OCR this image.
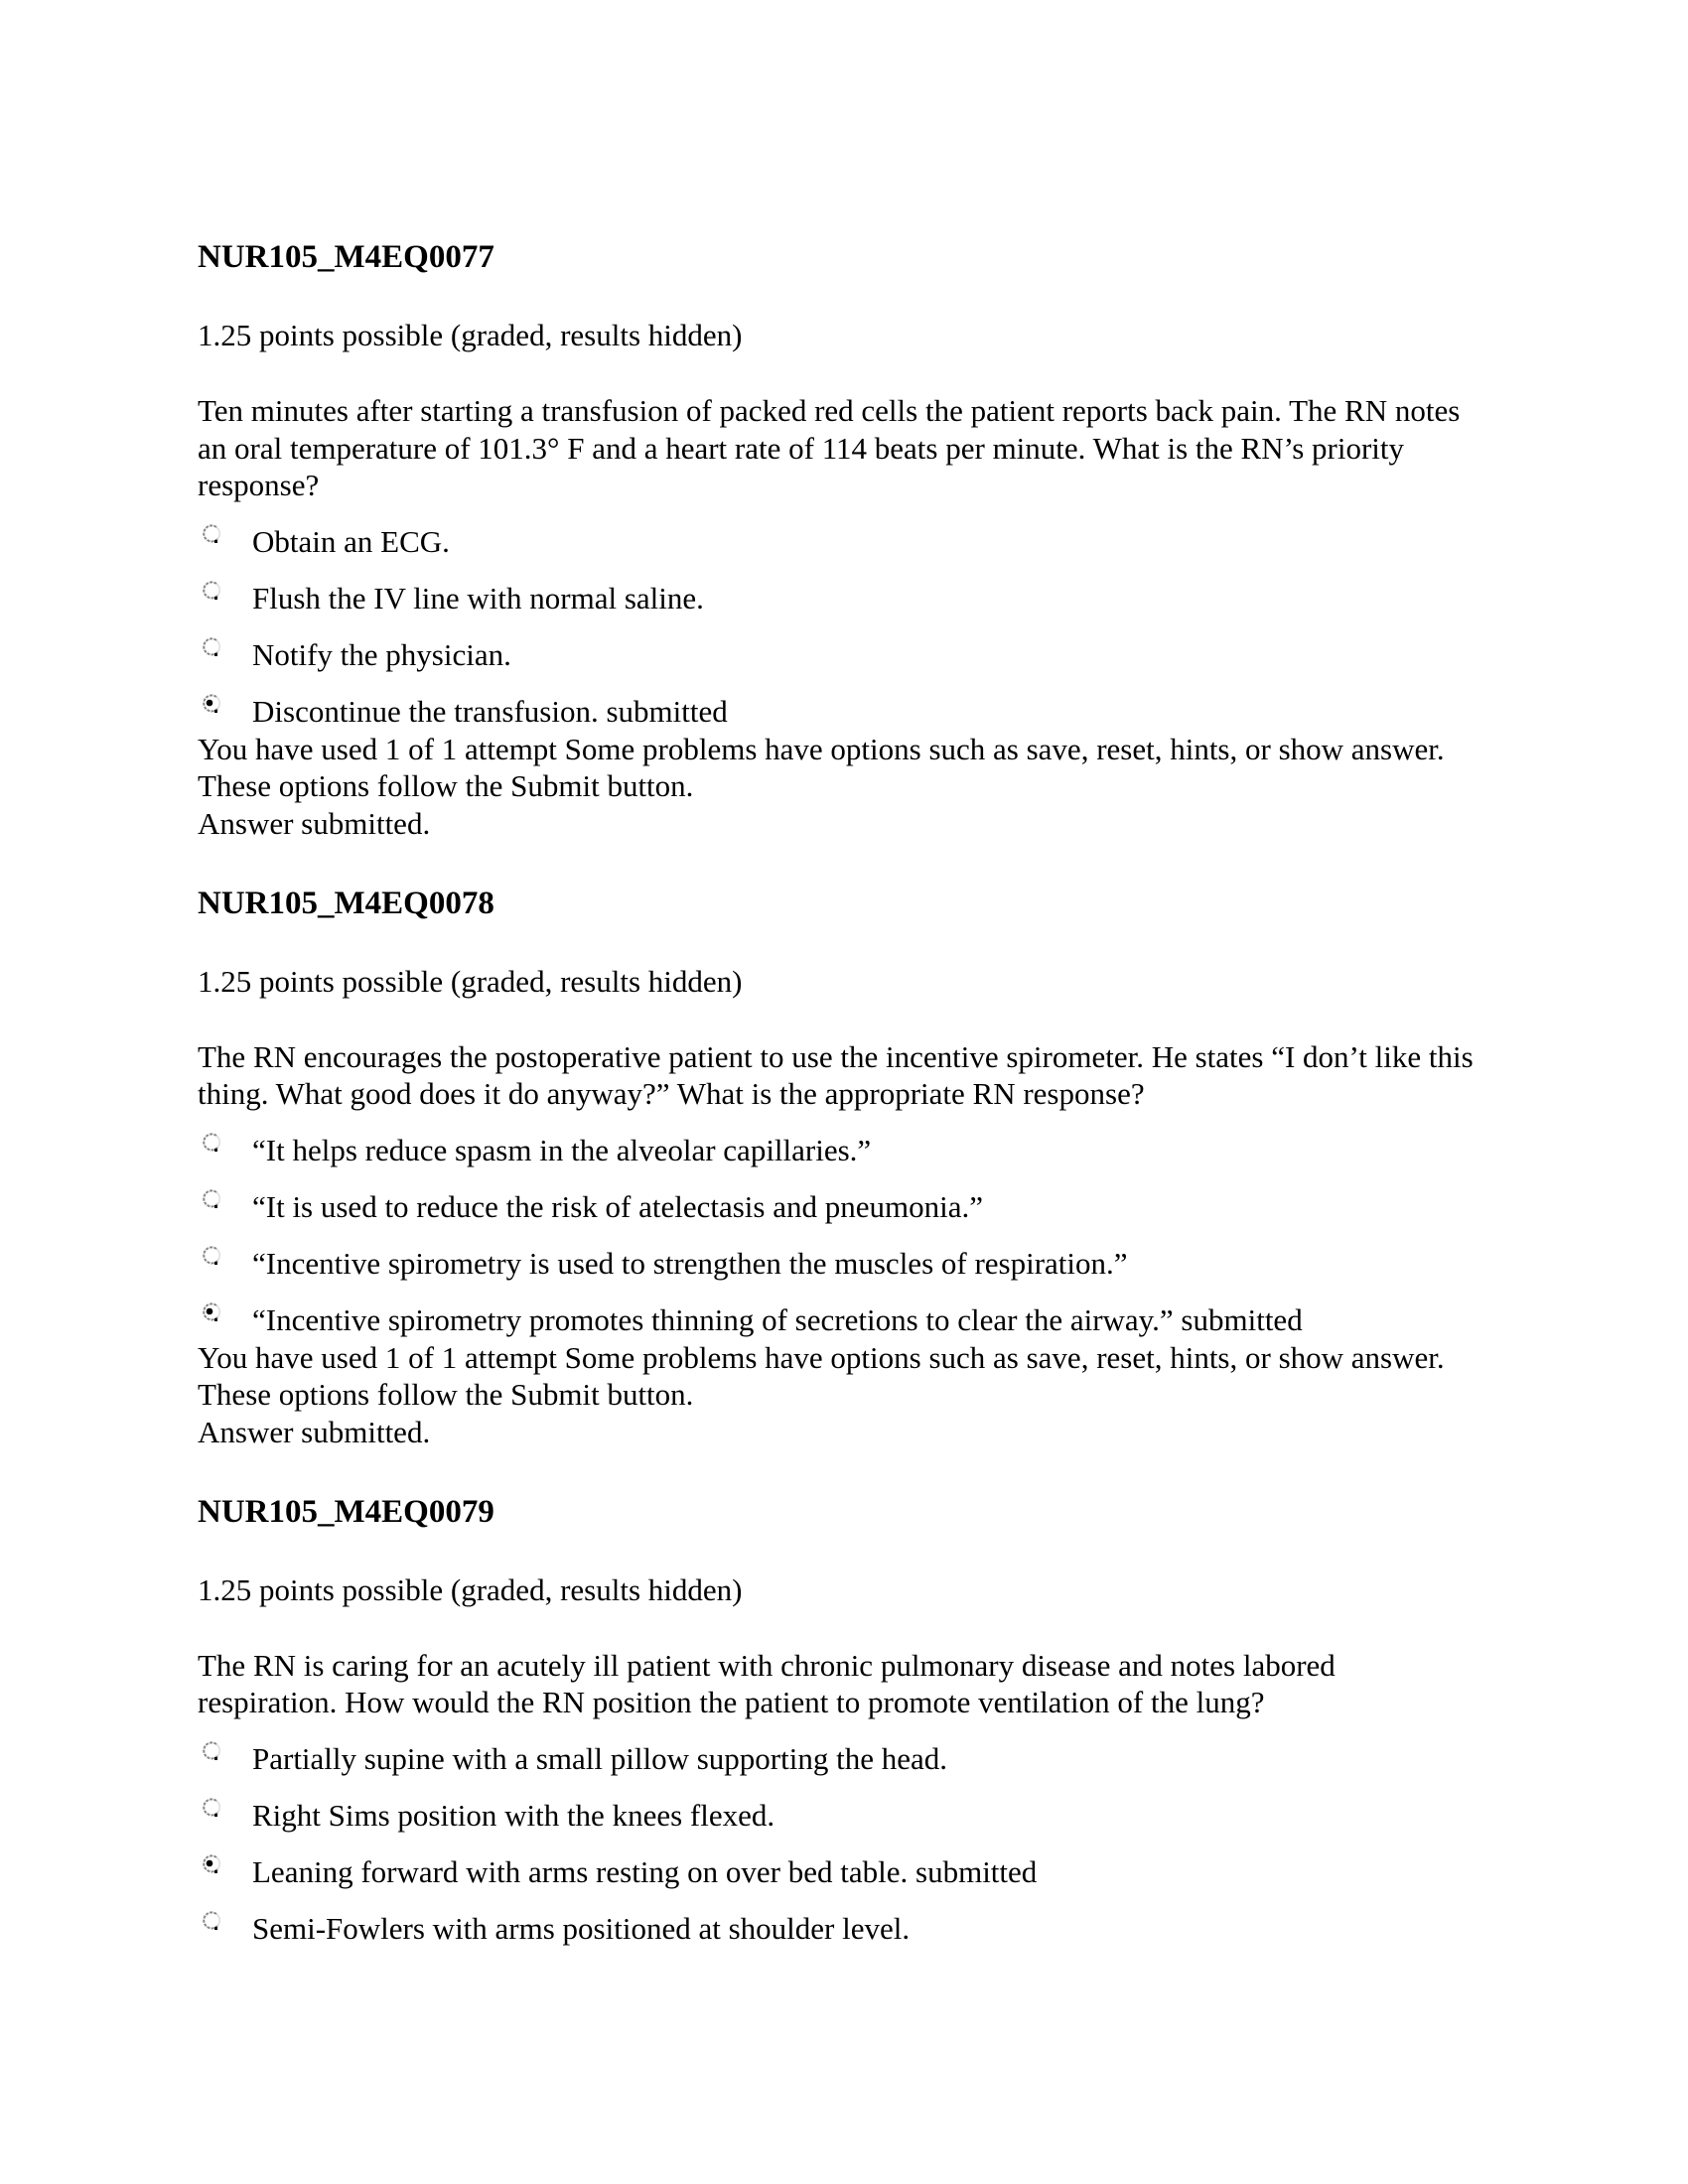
NUR105_M4EQ0077
1.25 points possible (graded, results hidden)
Ten minutes after starting a transfusion of packed red cells the patient reports back pain. The RN notes an oral temperature of 101.3° F and a heart rate of 114 beats per minute. What is the RN’s priority response?
Obtain an ECG.
Flush the IV line with normal saline.
Notify the physician.
Discontinue the transfusion. submitted
You have used 1 of 1 attempt Some problems have options such as save, reset, hints, or show answer. These options follow the Submit button.
Answer submitted.
NUR105_M4EQ0078
1.25 points possible (graded, results hidden)
The RN encourages the postoperative patient to use the incentive spirometer. He states “I don’t like this thing. What good does it do anyway?” What is the appropriate RN response?
“It helps reduce spasm in the alveolar capillaries.”
“It is used to reduce the risk of atelectasis and pneumonia.”
“Incentive spirometry is used to strengthen the muscles of respiration.”
“Incentive spirometry promotes thinning of secretions to clear the airway.” submitted
You have used 1 of 1 attempt Some problems have options such as save, reset, hints, or show answer. These options follow the Submit button.
Answer submitted.
NUR105_M4EQ0079
1.25 points possible (graded, results hidden)
The RN is caring for an acutely ill patient with chronic pulmonary disease and notes labored respiration. How would the RN position the patient to promote ventilation of the lung?
Partially supine with a small pillow supporting the head.
Right Sims position with the knees flexed.
Leaning forward with arms resting on over bed table. submitted
Semi-Fowlers with arms positioned at shoulder level.
